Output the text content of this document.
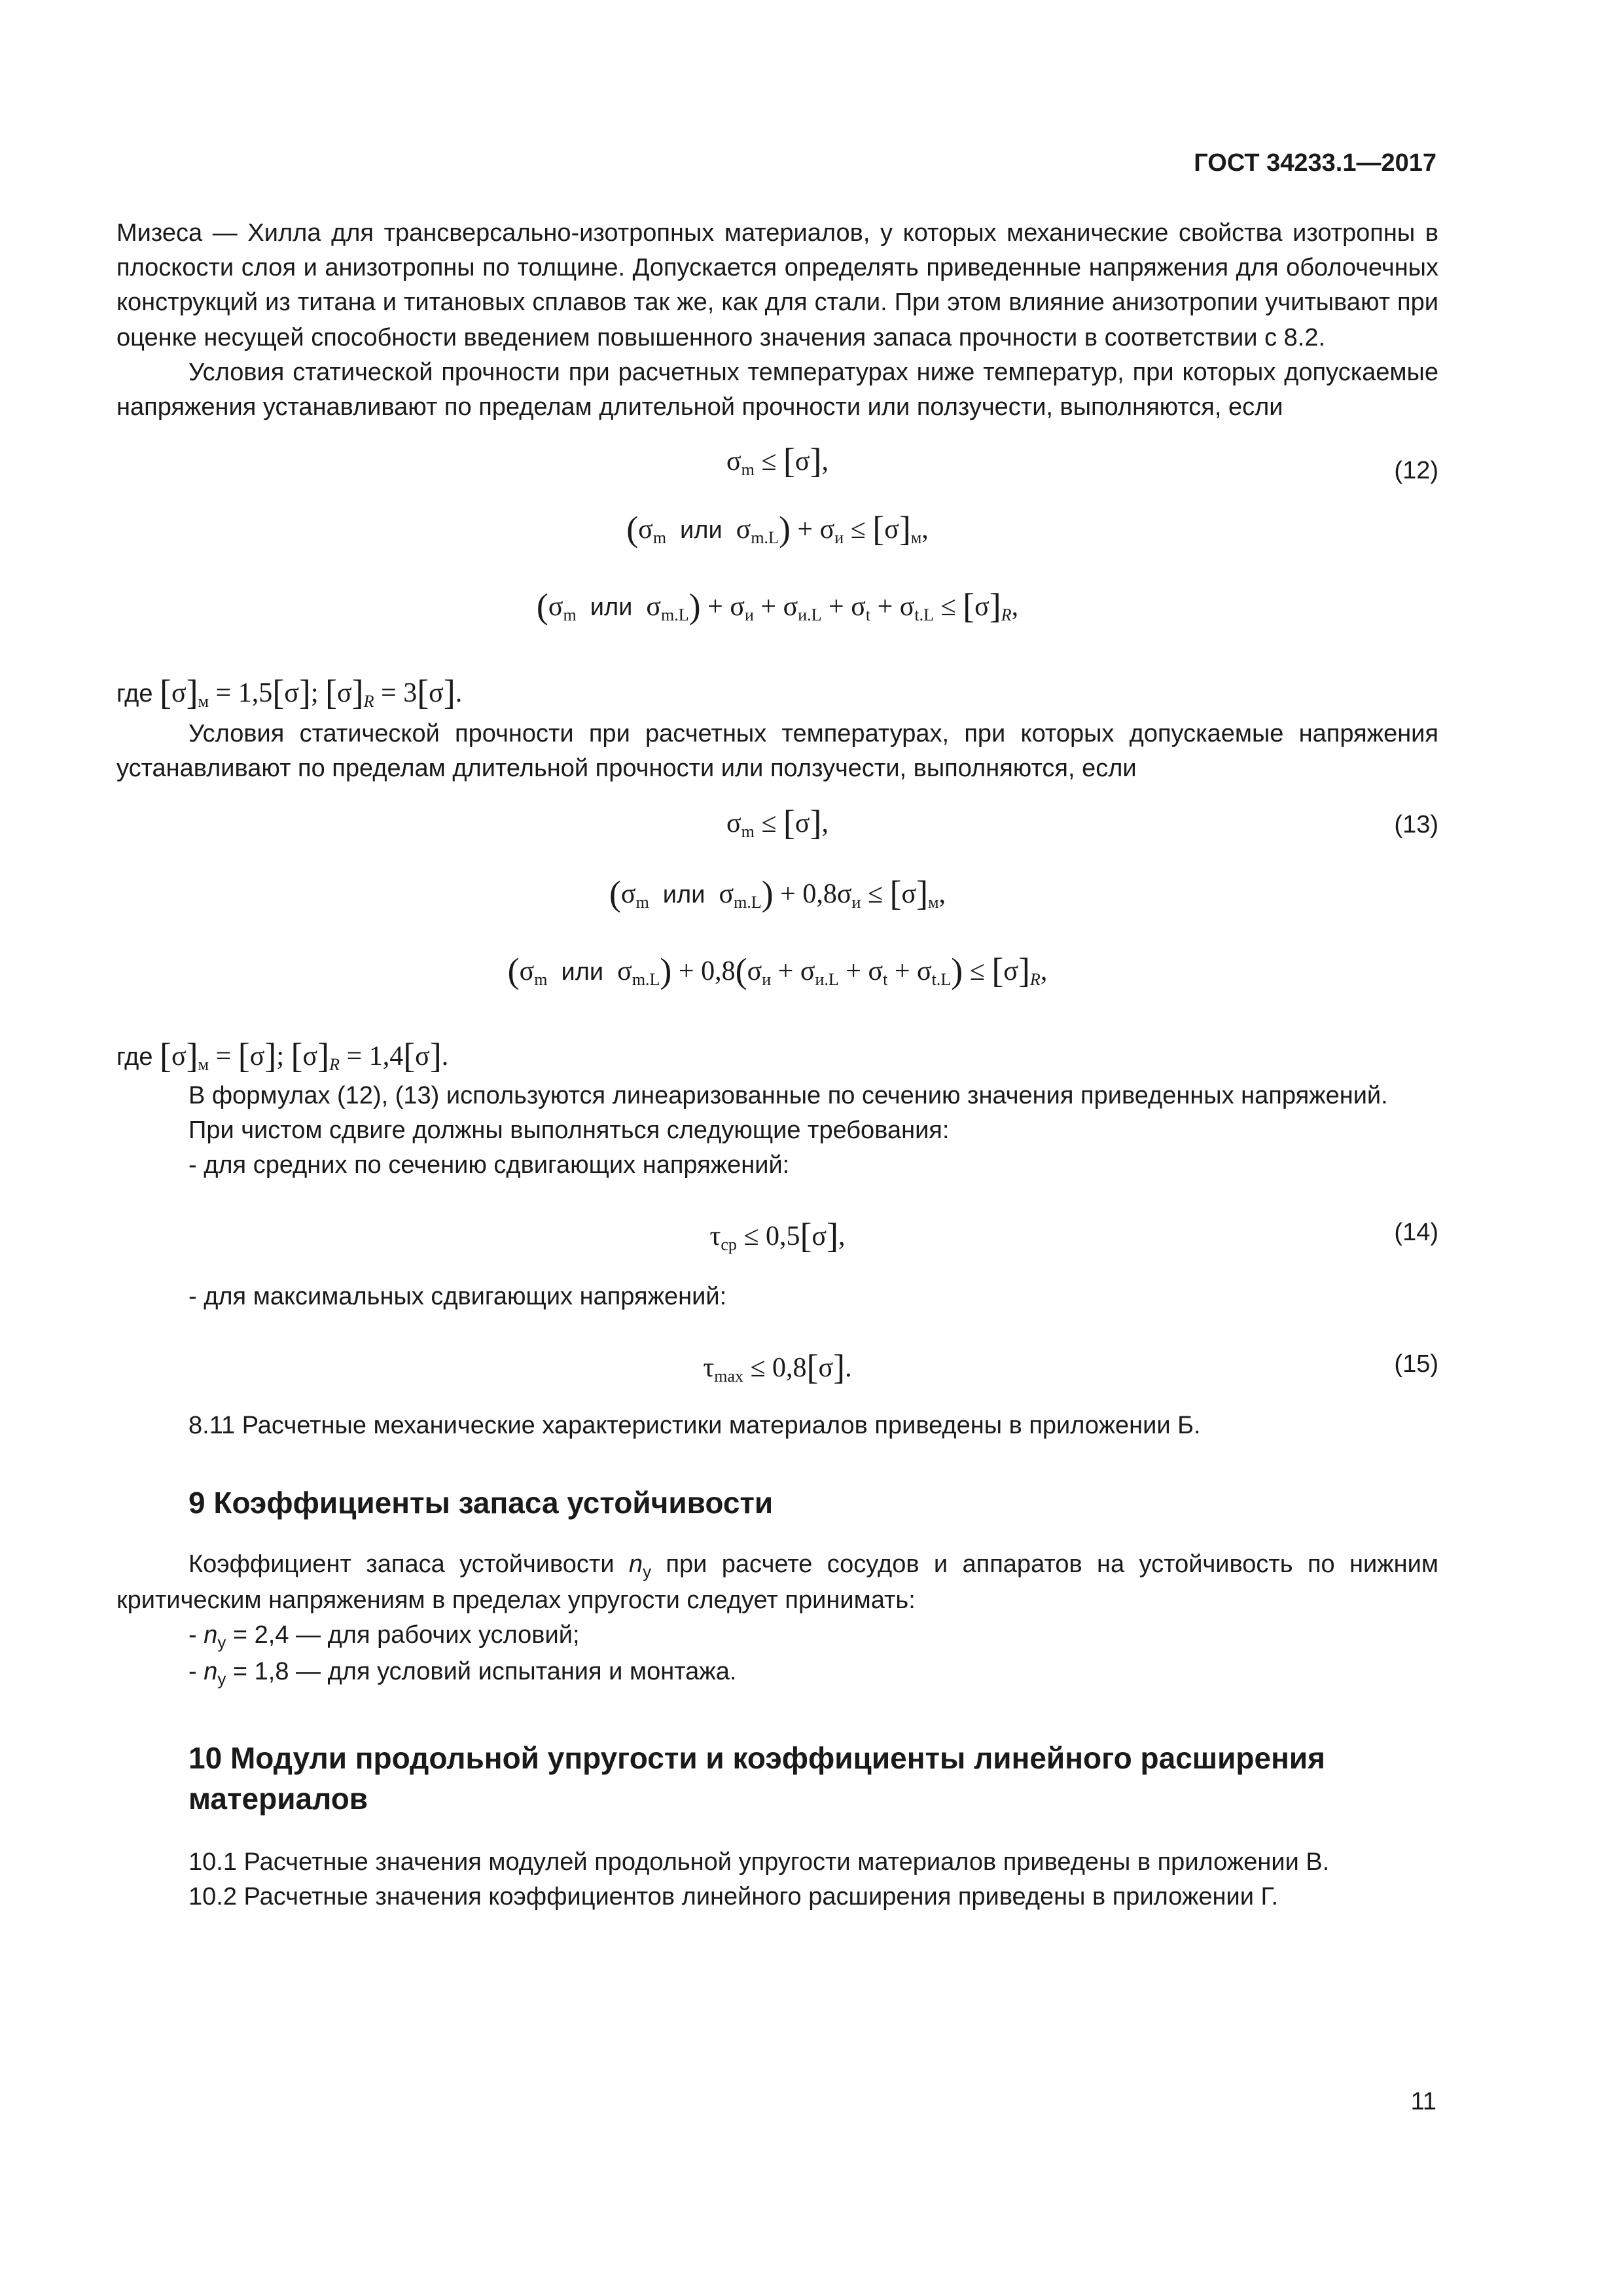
ГОСТ 34233.1—2017

Мизеса — Хилла для трансверсально-изотропных материалов, у которых механические свойства изотропны в плоскости слоя и анизотропны по толщине. Допускается определять приведенные напряжения для оболочечных конструкций из титана и титановых сплавов так же, как для стали. При этом влияние анизотропии учитывают при оценке несущей способности введением повышенного значения запаса прочности в соответствии с 8.2.

Условия статической прочности при расчетных температурах ниже температур, при которых допускаемые напряжения устанавливают по пределам длительной прочности или ползучести, выполняются, если

$\sigma_m \le [\sigma]$,
($\sigma_m$ или $\sigma_{m.L}) + \sigma_и \le [\sigma]_м$,
(12)
($\sigma_m$ или $\sigma_{m.L}) + \sigma_и + \sigma_{и.L} + \sigma_t + \sigma_{t.L} \le [\sigma]_R$,
где $[\sigma]_м = 1,5[\sigma]$; $[\sigma]_R = 3[\sigma]$.

Условия статической прочности при расчетных температурах, при которых допускаемые напряжения устанавливают по пределам длительной прочности или ползучести, выполняются, если

$\sigma_m \le [\sigma]$,
($\sigma_m$ или $\sigma_{m.L}) + 0,8\sigma_и \le [\sigma]_м$,
(13)
($\sigma_m$ или $\sigma_{m.L}) + 0,8(\sigma_и + \sigma_{и.L} + \sigma_t + \sigma_{t.L}) \le [\sigma]_R$,
где $[\sigma]_м = [\sigma]$; $[\sigma]_R = 1,4[\sigma]$.

В формулах (12), (13) используются линеаризованные по сечению значения приведенных напряжений.

При чистом сдвиге должны выполняться следующие требования:

- для средних по сечению сдвигающих напряжений:

$\tau_{ср} \le 0,5[\sigma]$,	(14)

- для максимальных сдвигающих напряжений:

$\tau_{max} \le 0,8[\sigma]$.	(15)

8.11 Расчетные механические характеристики материалов приведены в приложении Б.

9 Коэффициенты запаса устойчивости

Коэффициент запаса устойчивости $n_у$ при расчете сосудов и аппаратов на устойчивость по нижним критическим напряжениям в пределах упругости следует принимать:

- $n_у = 2,4$ — для рабочих условий;

- $n_у = 1,8$ — для условий испытания и монтажа.

10 Модули продольной упругости и коэффициенты линейного расширения материалов

10.1 Расчетные значения модулей продольной упругости материалов приведены в приложении В.

10.2 Расчетные значения коэффициентов линейного расширения приведены в приложении Г.

11
